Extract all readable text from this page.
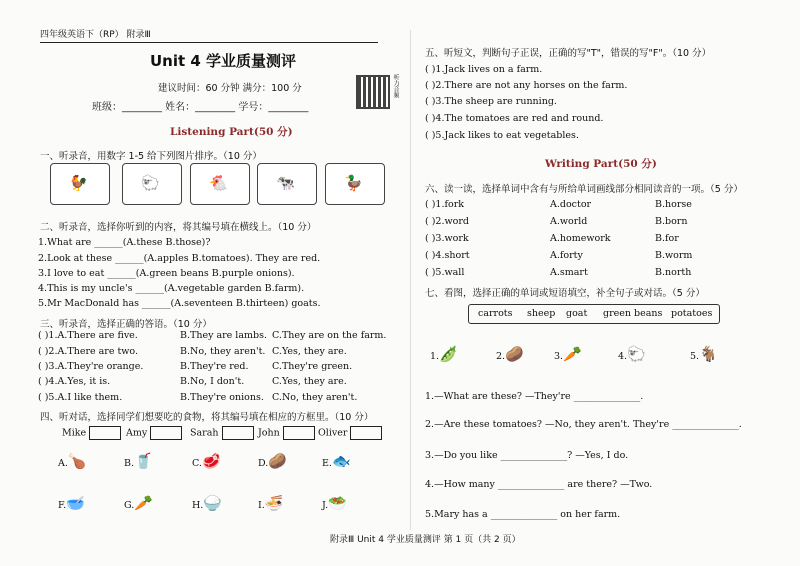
四年级英语下（RP） 附录Ⅲ
Unit 4 学业质量测评
建议时间：60 分钟 满分：100 分
班级：________ 姓名：________ 学号：________
听力音频
Listening Part(50 分)
一、听录音，用数字 1-5 给下列图片排序。（10 分）
🐓	🐑	🐔	🐄	🦆
二、听录音，选择你听到的内容，将其编号填在横线上。（10 分）
1.What are ______(A.these B.those)?
2.Look at these ______(A.apples B.tomatoes). They are red.
3.I love to eat ______(A.green beans B.purple onions).
4.This is my uncle's ______(A.vegetable garden B.farm).
5.Mr MacDonald has ______(A.seventeen B.thirteen) goats.
三、听录音，选择正确的答语。（10 分）
( )1.A.There are five.	B.They are lambs. C.They are on the farm.
( )2.A.There are two.	B.No, they aren't. C.Yes, they are.
( )3.A.They're orange.	B.They're red. C.They're green.
( )4.A.Yes, it is.	B.No, I don't.	C.Yes, they are.
( )5.A.I like them.	B.They're onions. C.No, they aren't.
四、听对话，选择同学们想要吃的食物，将其编号填在相应的方框里。（10 分）
Mike	Amy	Sarah	John	Oliver
A.🍗	B.🥤	C.🥩	D.🥔	E.🐟
F.🥣	G.🥕	H.🍚	I.🍜	J.🥗
五、听短文，判断句子正误，正确的写"T"，错误的写"F"。（10 分）
( )1.Jack lives on a farm.
( )2.There are not any horses on the farm.
( )3.The sheep are running.
( )4.The tomatoes are red and round.
( )5.Jack likes to eat vegetables.
Writing Part(50 分)
六、读一读，选择单词中含有与所给单词画线部分相同读音的一项。（5 分）
( )1.fork	A.doctor	B.horse
( )2.word	A.world	B.born
( )3.work	A.homework	B.for
( )4.short	A.forty	B.worm
( )5.wall	A.smart	B.north
七、看图，选择正确的单词或短语填空，补全句子或对话。（5 分）
carrots sheep goat green beans potatoes
1.🫛	2.🥔	3.🥕	4.🐑	5.🐐
1.—What are these? —They're ______________.
2.—Are these tomatoes? —No, they aren't. They're ______________.
3.—Do you like ______________? —Yes, I do.
4.—How many ______________ are there? —Two.
5.Mary has a ______________ on her farm.
附录Ⅲ Unit 4 学业质量测评 第 1 页（共 2 页）
